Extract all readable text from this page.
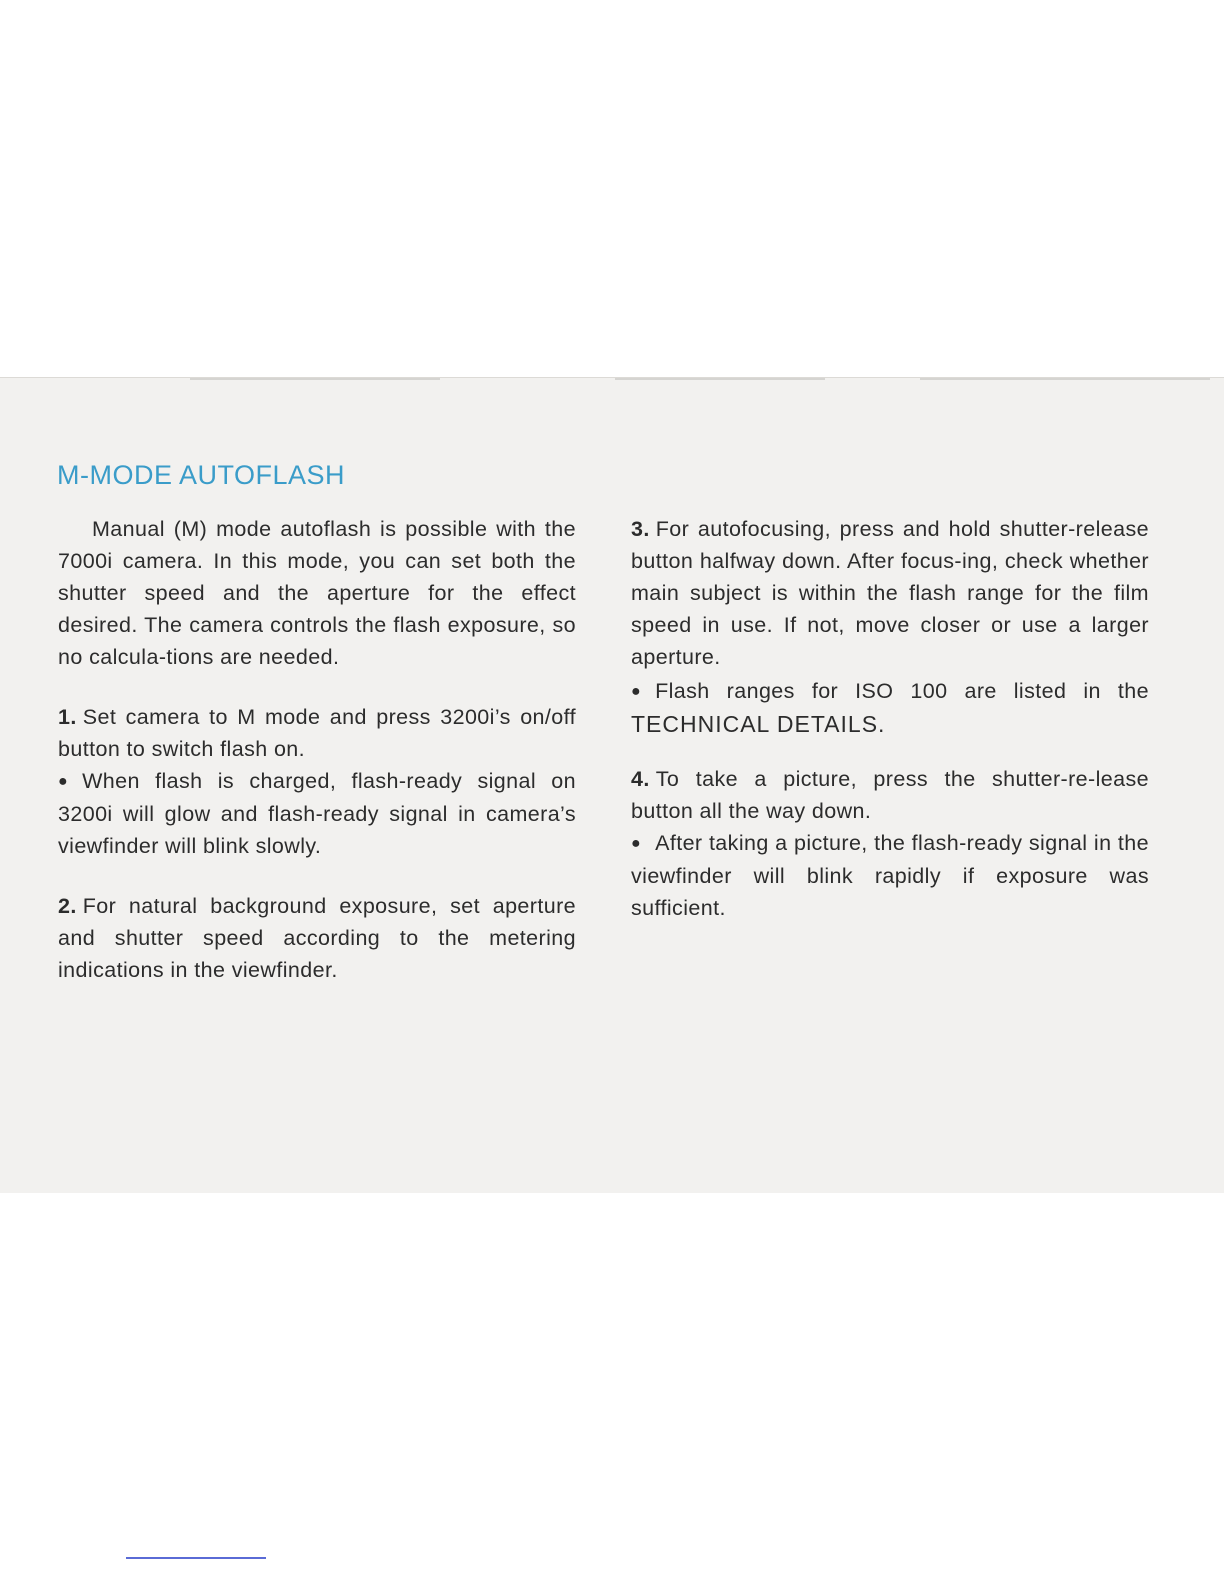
M-MODE AUTOFLASH

Manual (M) mode autoflash is possible with the 7000i camera. In this mode, you can set both the shutter speed and the aperture for the effect desired. The camera controls the flash exposure, so no calcula-tions are needed.

1. Set camera to M mode and press 3200i’s on/off button to switch flash on.

● When flash is charged, flash-ready signal on 3200i will glow and flash-ready signal in camera’s viewfinder will blink slowly.

2. For natural background exposure, set aperture and shutter speed according to the metering indications in the viewfinder.

3. For autofocusing, press and hold shutter-release button halfway down. After focus-ing, check whether main subject is within the flash range for the film speed in use. If not, move closer or use a larger aperture.

● Flash ranges for ISO 100 are listed in the TECHNICAL DETAILS.

4. To take a picture, press the shutter-re-lease button all the way down.

● After taking a picture, the flash-ready signal in the viewfinder will blink rapidly if exposure was sufficient.
